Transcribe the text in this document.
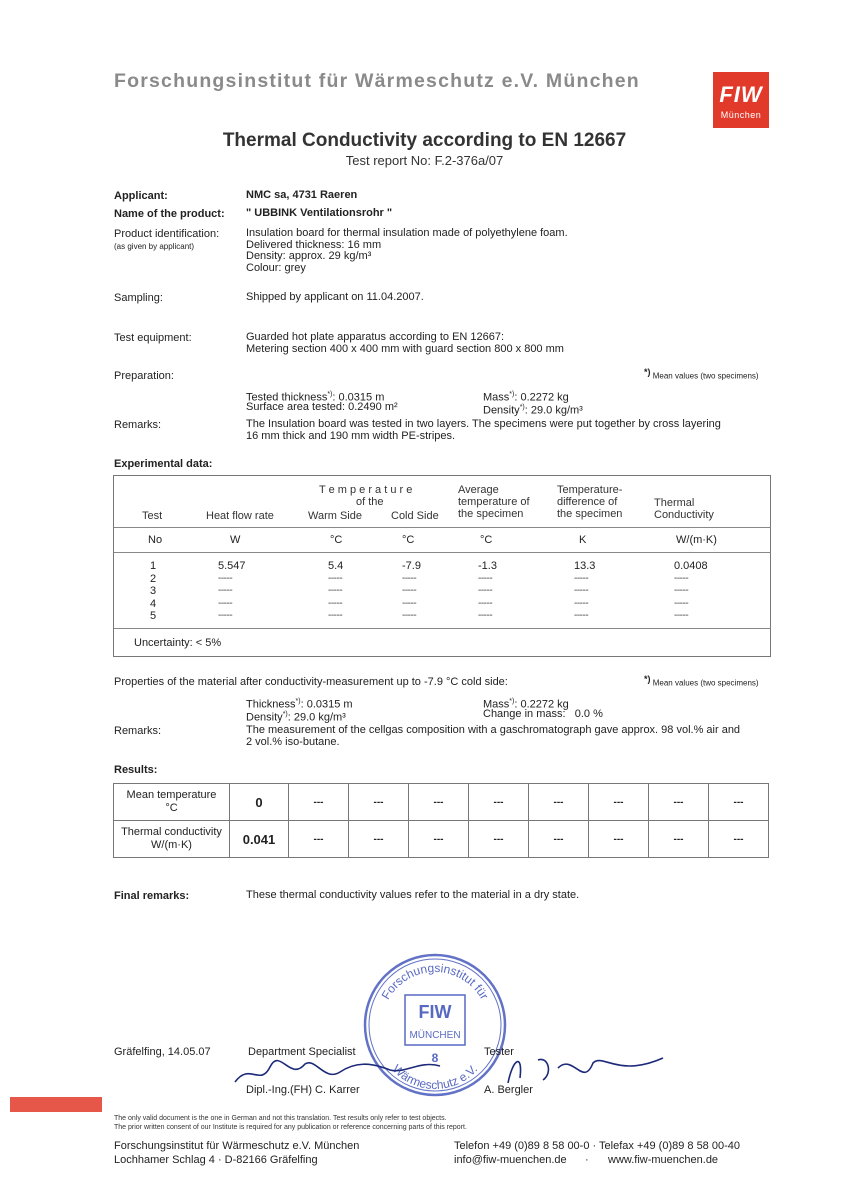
Forschungsinstitut für Wärmeschutz e.V. München
FIW
München
Thermal Conductivity according to EN 12667
Test report No: F.2-376a/07
Applicant:	NMC sa, 4731 Raeren
Name of the product: " UBBINK Ventilationsrohr "
Product identification:
(as given by applicant)
Insulation board for thermal insulation made of polyethylene foam.
Delivered thickness: 16 mm
Density: approx. 29 kg/m³
Colour: grey
Sampling:	Shipped by applicant on 11.04.2007.
Test equipment:	Guarded hot plate apparatus according to EN 12667:
Metering section 400 x 400 mm with guard section 800 x 800 mm
Preparation:	*) Mean values (two specimens)
Tested thickness*): 0.0315 m
Surface area tested: 0.2490 m²
Mass*): 0.2272 kg
Density*): 29.0 kg/m³
Remarks:	The Insulation board was tested in two layers. The specimens were put together by cross layering
16 mm thick and 190 mm width PE-stripes.
Experimental data:
Test	Heat flow rate
T e m p e r a t u r e
of the
Warm Side	Cold Side
Average
temperature of
the specimen
Temperature-
difference of
the specimen
Thermal
Conductivity
No	W	°C	°C	°C	K	W/(m·K)
1	5.547	5.4	-7.9	-1.3	13.3	0.0408
2	-----	-----	-----	-----	-----	-----
3	-----	-----	-----	-----	-----	-----
4	-----	-----	-----	-----	-----	-----
5	-----	-----	-----	-----	-----	-----
Uncertainty: < 5%
Properties of the material after conductivity-measurement up to -7.9 °C cold side:	*) Mean values (two specimens)
Thickness*): 0.0315 m
Density*): 29.0 kg/m³
Mass*): 0.2272 kg
Change in mass: 0.0 %
Remarks:	The measurement of the cellgas composition with a gaschromatograph gave approx. 98 vol.% air and
2 vol.% iso-butane.
Results:
Mean temperature
°C	0	---	---	---	---	---	---	---	---

Thermal conductivity
W/(m·K)	0.041	---	---	---	---	---	---	---	---
Final remarks:	These thermal conductivity values refer to the material in a dry state.
Forschungsinstitut für
Wärmeschutz e.V.
FIW
MÜNCHEN
8
Gräfelfing, 14.05.07	Department Specialist	Tester
Dipl.-Ing.(FH) C. Karrer	A. Bergler
The only valid document is the one in German and not this translation. Test results only refer to test objects.
The prior written consent of our Institute is required for any publication or reference concerning parts of this report.
Forschungsinstitut für Wärmeschutz e.V. München
Lochhamer Schlag 4 · D-82166 Gräfelfing
Telefon +49 (0)89 8 58 00-0 · Telefax +49 (0)89 8 58 00-40
info@fiw-muenchen.de · www.fiw-muenchen.de
